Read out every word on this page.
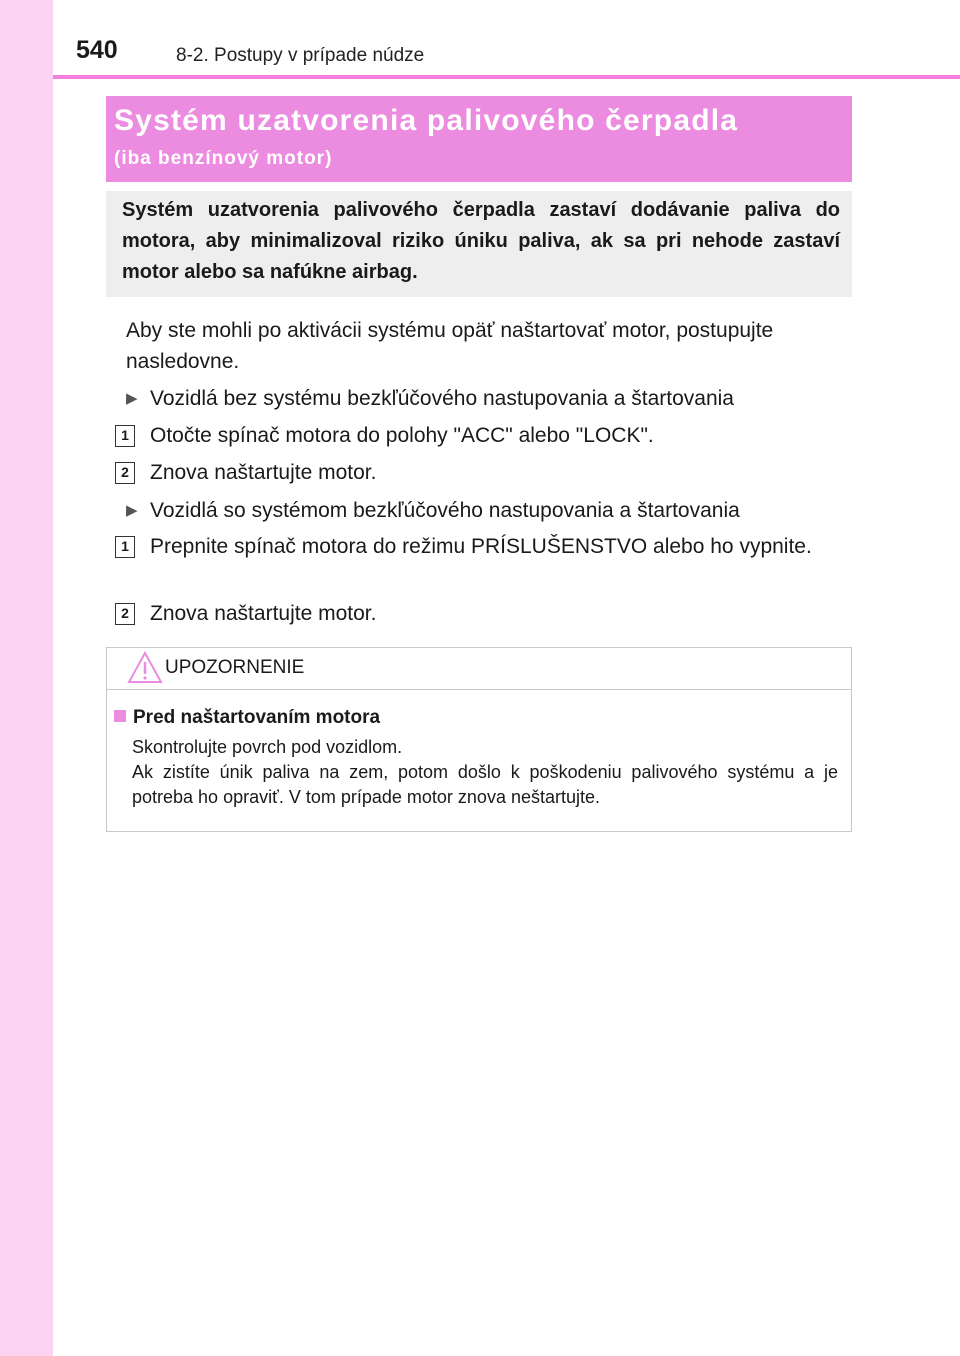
540	8-2. Postupy v prípade núdze
Systém uzatvorenia palivového čerpadla
(iba benzínový motor)
Systém uzatvorenia palivového čerpadla zastaví dodávanie paliva do motora, aby minimalizoval riziko úniku paliva, ak sa pri nehode zastaví motor alebo sa nafúkne airbag.
Aby ste mohli po aktivácii systému opäť naštartovať motor, postupujte nasledovne.
▶ Vozidlá bez systému bezkľúčového nastupovania a štartovania
1 Otočte spínač motora do polohy "ACC" alebo "LOCK".
2 Znova naštartujte motor.
▶ Vozidlá so systémom bezkľúčového nastupovania a štartovania
1 Prepnite spínač motora do režimu PRÍSLUŠENSTVO alebo ho vypnite.
2 Znova naštartujte motor.
UPOZORNENIE
Pred naštartovaním motora

Skontrolujte povrch pod vozidlom.

Ak zistíte únik paliva na zem, potom došlo k poškodeniu palivového systému a je potreba ho opraviť. V tom prípade motor znova neštartujte.
